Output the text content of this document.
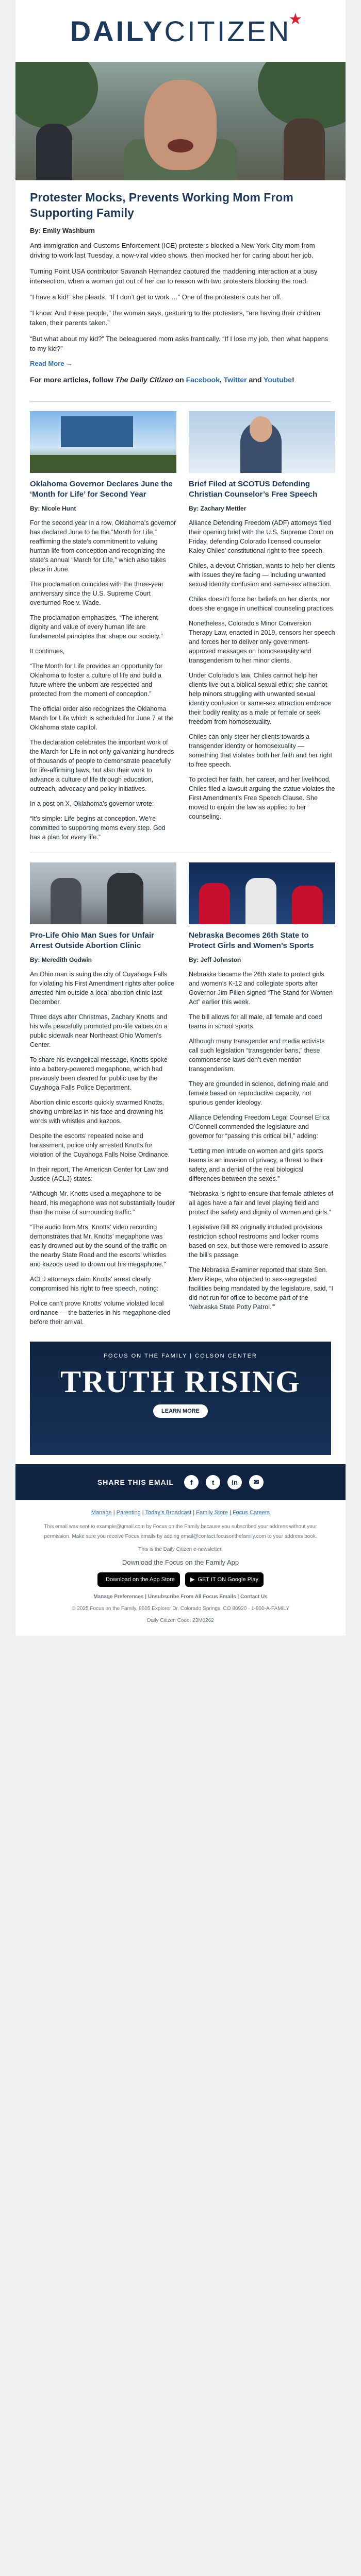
DAILYCITIZEN
★
Protester Mocks, Prevents Working Mom From Supporting Family
By: Emily Washburn

Anti-immigration and Customs Enforcement (ICE) protesters blocked a New York City mom from driving to work last Tuesday, a now-viral video shows, then mocked her for caring about her job.

Turning Point USA contributor Savanah Hernandez captured the maddening interaction at a busy intersection, when a woman got out of her car to reason with two protesters blocking the road.

“I have a kid!” she pleads. “If I don’t get to work …” One of the protesters cuts her off.

“I know. And these people,” the woman says, gesturing to the protesters, “are having their children taken, their parents taken.”

“But what about my kid?” The beleaguered mom asks frantically. “If I lose my job, then what happens to my kid?”

Read More →
For more articles, follow The Daily Citizen on Facebook, Twitter and Youtube!
Oklahoma Governor Declares June the ‘Month for Life’ for Second Year
By: Nicole Hunt

For the second year in a row, Oklahoma’s governor has declared June to be the “Month for Life,” reaffirming the state’s commitment to valuing human life from conception and recognizing the state’s annual “March for Life,” which also takes place in June.

The proclamation coincides with the three-year anniversary since the U.S. Supreme Court overturned Roe v. Wade.

The proclamation emphasizes, “The inherent dignity and value of every human life are fundamental principles that shape our society.”

It continues,

“The Month for Life provides an opportunity for Oklahoma to foster a culture of life and build a future where the unborn are respected and protected from the moment of conception.”

The official order also recognizes the Oklahoma March for Life which is scheduled for June 7 at the Oklahoma state capitol.

The declaration celebrates the important work of the March for Life in not only galvanizing hundreds of thousands of people to demonstrate peacefully for life-affirming laws, but also their work to advance a culture of life through education, outreach, advocacy and policy initiatives.

In a post on X, Oklahoma’s governor wrote:

“It’s simple: Life begins at conception. We’re committed to supporting moms every step. God has a plan for every life.”

Brief Filed at SCOTUS Defending Christian Counselor’s Free Speech
By: Zachary Mettler

Alliance Defending Freedom (ADF) attorneys filed their opening brief with the U.S. Supreme Court on Friday, defending Colorado licensed counselor Kaley Chiles’ constitutional right to free speech.

Chiles, a devout Christian, wants to help her clients with issues they’re facing — including unwanted sexual identity confusion and same-sex attraction.

Chiles doesn’t force her beliefs on her clients, nor does she engage in unethical counseling practices.

Nonetheless, Colorado’s Minor Conversion Therapy Law, enacted in 2019, censors her speech and forces her to deliver only government-approved messages on homosexuality and transgenderism to her minor clients.

Under Colorado’s law, Chiles cannot help her clients live out a biblical sexual ethic; she cannot help minors struggling with unwanted sexual identity confusion or same-sex attraction embrace their bodily reality as a male or female or seek freedom from homosexuality.

Chiles can only steer her clients towards a transgender identity or homosexuality — something that violates both her faith and her right to free speech.

To protect her faith, her career, and her livelihood, Chiles filed a lawsuit arguing the statue violates the First Amendment’s Free Speech Clause. She moved to enjoin the law as applied to her counseling.

Pro-Life Ohio Man Sues for Unfair Arrest Outside Abortion Clinic
By: Meredith Godwin

An Ohio man is suing the city of Cuyahoga Falls for violating his First Amendment rights after police arrested him outside a local abortion clinic last December.

Three days after Christmas, Zachary Knotts and his wife peacefully promoted pro-life values on a public sidewalk near Northeast Ohio Women’s Center.

To share his evangelical message, Knotts spoke into a battery-powered megaphone, which had previously been cleared for public use by the Cuyahoga Falls Police Department.

Abortion clinic escorts quickly swarmed Knotts, shoving umbrellas in his face and drowning his words with whistles and kazoos.

Despite the escorts’ repeated noise and harassment, police only arrested Knotts for violation of the Cuyahoga Falls Noise Ordinance.

In their report, The American Center for Law and Justice (ACLJ) states:

“Although Mr. Knotts used a megaphone to be heard, his megaphone was not substantially louder than the noise of surrounding traffic.”

“The audio from Mrs. Knotts’ video recording demonstrates that Mr. Knotts’ megaphone was easily drowned out by the sound of the traffic on the nearby State Road and the escorts’ whistles and kazoos used to drown out his megaphone.”

ACLJ attorneys claim Knotts’ arrest clearly compromised his right to free speech, noting:

Police can’t prove Knotts’ volume violated local ordinance — the batteries in his megaphone died before their arrival.

Nebraska Becomes 26th State to Protect Girls and Women’s Sports
By: Jeff Johnston

Nebraska became the 26th state to protect girls and women’s K-12 and collegiate sports after Governor Jim Pillen signed “The Stand for Women Act” earlier this week.

The bill allows for all male, all female and coed teams in school sports.

Although many transgender and media activists call such legislation “transgender bans,” these commonsense laws don’t even mention transgenderism.

They are grounded in science, defining male and female based on reproductive capacity, not spurious gender ideology.

Alliance Defending Freedom Legal Counsel Erica O’Connell commended the legislature and governor for “passing this critical bill,” adding:

“Letting men intrude on women and girls sports teams is an invasion of privacy, a threat to their safety, and a denial of the real biological differences between the sexes.”

“Nebraska is right to ensure that female athletes of all ages have a fair and level playing field and protect the safety and dignity of women and girls.”

Legislative Bill 89 originally included provisions restriction school restrooms and locker rooms based on sex, but those were removed to assure the bill’s passage.

The Nebraska Examiner reported that state Sen. Merv Riepe, who objected to sex-segregated facilities being mandated by the legislature, said, “I did not run for office to become part of the ‘Nebraska State Potty Patrol.’”

FOCUS ON THE FAMILY | COLSON CENTER
TRUTH RISING
LEARN MORE
SHARE THIS EMAIL	f	t	in	✉
Manage | Parenting | Today’s Broadcast | Family Store | Focus Careers

This email was sent to example@gmail.com by Focus on the Family because you subscribed your address without your permission. Make sure you receive Focus emails by adding email@contact.focusonthefamily.com to your address book.

This is the Daily Citizen e-newsletter.

Download the Focus on the Family App

Download on the App Store	▶ GET IT ON Google Play

Manage Preferences | Unsubscribe From All Focus Emails | Contact Us

© 2025 Focus on the Family, 8605 Explorer Dr. Colorado Springs, CO 80920 · 1-800-A-FAMILY

Daily Citizen Code: 23M0262
